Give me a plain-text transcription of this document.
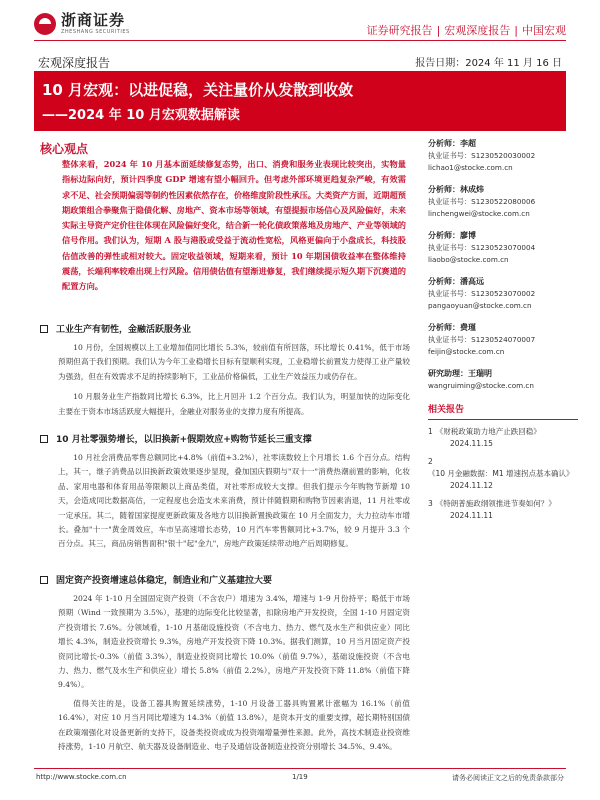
浙商证券
ZHESHANG SECURITIES	证券研究报告 | 宏观深度报告 | 中国宏观
宏观深度报告	报告日期：2024 年 11 月 16 日
10 月宏观：以进促稳，关注量价从发散到收敛
——2024 年 10 月宏观数据解读
核心观点
整体来看，2024 年 10 月基本面延续修复态势，出口、消费和服务业表现比较突出，实物量指标边际向好，预计四季度 GDP 增速有望小幅回升。但考虑外部环境更趋复杂严峻，有效需求不足、社会预期偏弱等制约性因素依然存在，价格维度阶段性承压。大类资产方面，近期超预期政策组合拳聚焦于隐债化解、房地产、资本市场等领域，有望提振市场信心及风险偏好，未来实际主导资产定价往往体现在风险偏好变化，结合新一轮化债政策落地及房地产、产业等领域的信号作用。我们认为，短期 A 股与港股或受益于流动性宽松，风格更偏向于小盘成长，科技股估值改善的弹性或相对较大。固定收益领域，短期来看，预计 10 年期国债收益率在整体维持震荡，长端利率较难出现上行风险。信用债估值有望渐进修复，我们继续提示短久期下沉赛道的配置方向。
工业生产有韧性，金融活跃服务业
10 月份，全国规模以上工业增加值同比增长 5.3%，较前值有所回落，环比增长 0.41%，低于市场预期但高于我们预期。我们认为今年工业稳增长目标有望顺利实现，工业稳增长前置发力使得工业产量较为强劲，但在有效需求不足的持续影响下，工业品价格偏低，工业生产效益压力或仍存在。
10 月服务业生产指数同比增长 6.3%，比上月回升 1.2 个百分点。我们认为，明显加快的边际变化主要在于资本市场活跃度大幅提升，金融业对服务业的支撑力度有所提高。
10 月社零强势增长，以旧换新+假期效应+购物节延长三重支撑
10 月社会消费品零售总额同比+4.8%（前值+3.2%），社零读数较上个月增长 1.6 个百分点。结构上，其一，继子消费品以旧换新政策效果逐步显现，叠加国庆假期与"双十一"消费热潮前置的影响，化妆品、家用电器和体育用品等限额以上商品类值，对社零形成较大支撑。但我们提示今年购物节新增 10 天，会造成同比数据高估，一定程度也会造支未来消费，预计伴随假期和购物节因素消退，11 月社零或一定承压。其二，随着国家提度更新政策及各地方以旧换新置换政策在 10 月全面发力，大力拉动车市增长。叠加"十一"黄金周效应，车市呈高速增长态势，10 月汽车零售额同比+3.7%，较 9 月提升 3.3 个百分点。其三，商品房销售面积"银十"起"金九"，房地产政策延续带动地产后周期修复。
固定资产投资增速总体稳定，制造业和广义基建拉大要
2024 年 1-10 月全国固定资产投资（不含农户）增速为 3.4%，增速与 1-9 月份持平；略低于市场预期（Wind 一致预期为 3.5%），基建的边际变化比较显著，扣除房地产开发投资，全国 1-10 月固定资产投资增长 7.6%。分领域看，1-10 月基础设施投资（不含电力、热力、燃气及水生产和供应业）同比增长 4.3%，制造业投资增长 9.3%，房地产开发投资下降 10.3%。据我们测算，10 月当月固定资产投资同比增长-0.3%（前值 3.3%），制造业投资同比增长 10.0%（前值 9.7%），基础设施投资（不含电力、热力、燃气及水生产和供应业）增长 5.8%（前值 2.2%），房地产开发投资下降 11.8%（前值下降 9.4%）。
值得关注的是，设备工器具购置延续涨势，1-10 月设备工器具购置累计涨幅为 16.1%（前值 16.4%），对应 10 月当月同比增速为 14.3%（前值 13.8%），是资本开支的重要支撑，超长期特别国债在政策端强化对设备更新的支持下，设备类投资或成为投资端增量弹性来源。此外，高技术制造业投资维持涨势，1-10 月航空、航天器及设备制造业、电子及通信设备制造业投资分别增长 34.5%、9.4%。
分析师：李超
执业证书号：S1230520030002
lichao1@stocke.com.cn
分析师：林成炜
执业证书号：S1230522080006
linchengwei@stocke.com.cn
分析师：廖博
执业证书号：S1230523070004
liaobo@stocke.com.cn
分析师：潘高远
执业证书号：S1230523070002
pangaoyuan@stocke.com.cn
分析师：费瑾
执业证书号：S1230524070007
feijin@stocke.com.cn
研究助理：王瑞明
wangruiming@stocke.com.cn
相关报告
1 《财税政策助力地产止跌回稳》
2024.11.15
2《10 月金融数据：M1 增速拐点基本确认》
2024.11.12
3 《特朗普施政纲领推进节奏如何？》
2024.11.11
http://www.stocke.com.cn	1/19	请务必阅读正文之后的免责条款部分
